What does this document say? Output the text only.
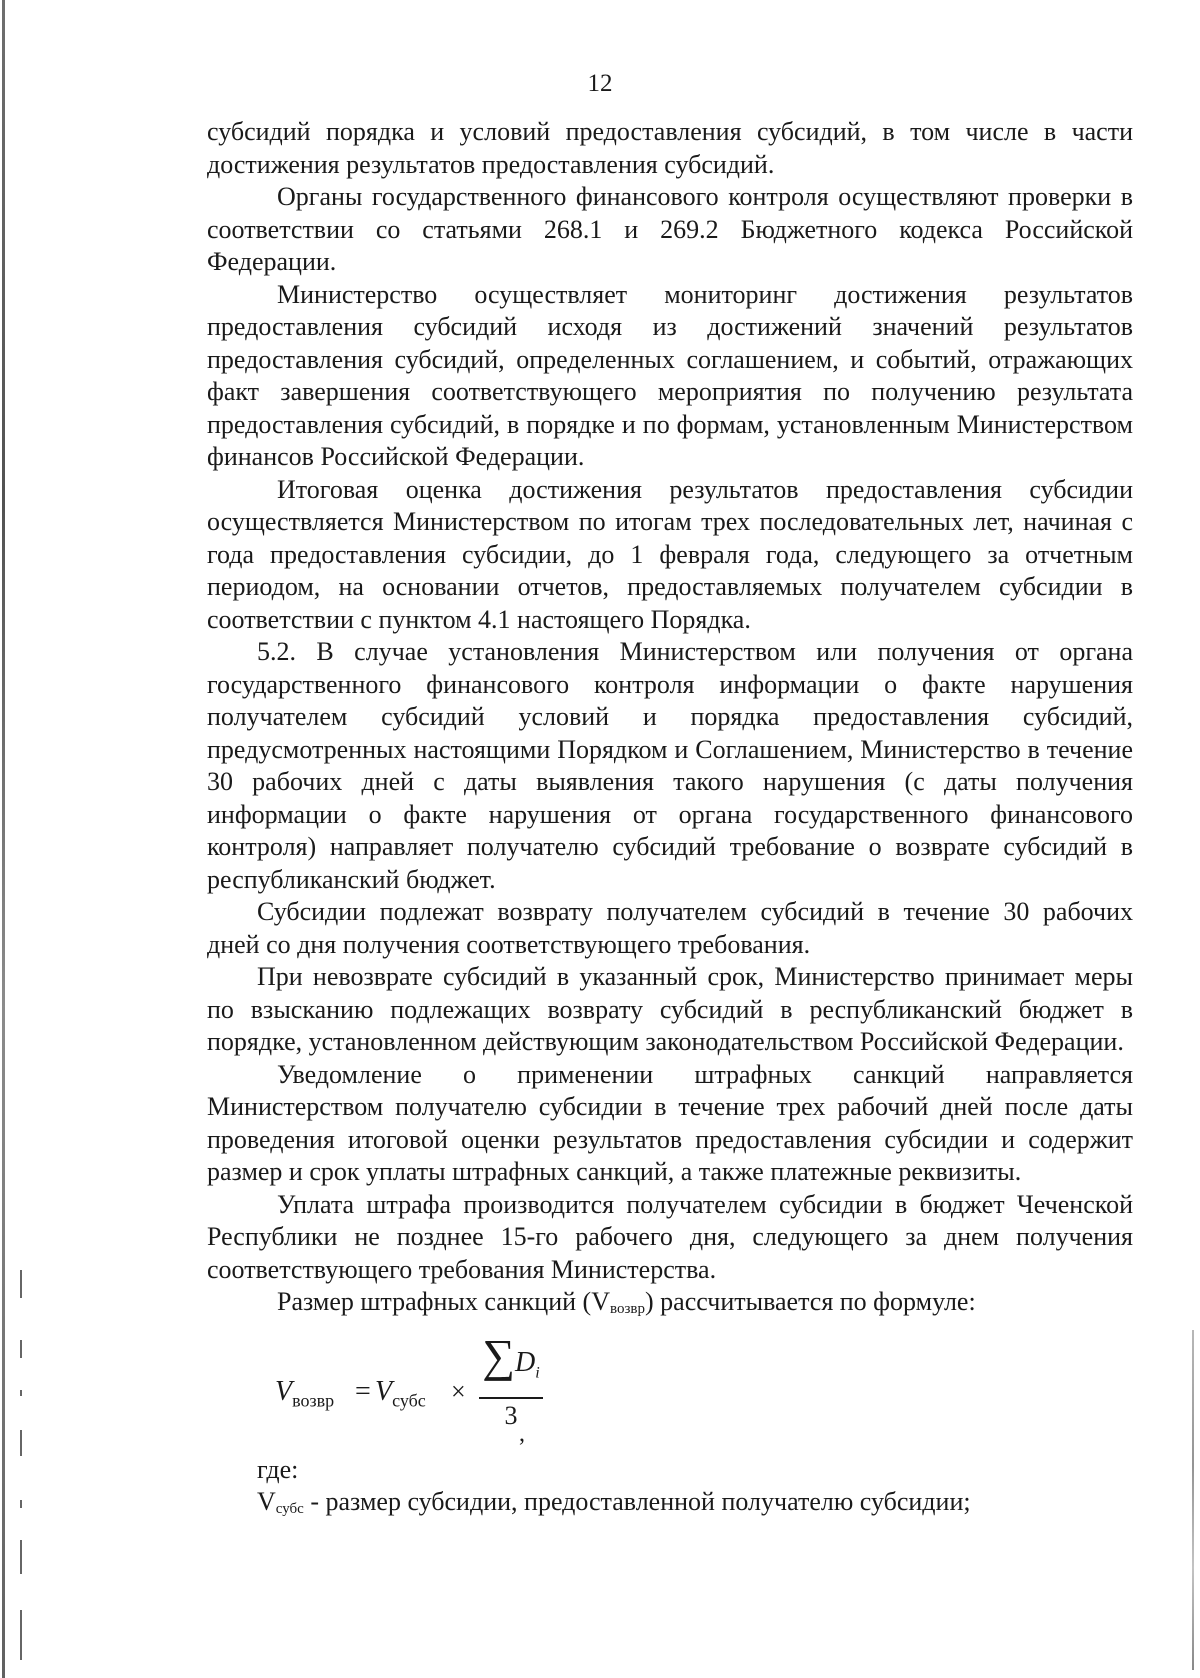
12

субсидий порядка и условий предоставления субсидий, в том числе в части достижения результатов предоставления субсидий.

Органы государственного финансового контроля осуществляют проверки в соответствии со статьями 268.1 и 269.2 Бюджетного кодекса Российской Федерации.

Министерство осуществляет мониторинг достижения результатов предоставления субсидий исходя из достижений значений результатов предоставления субсидий, определенных соглашением, и событий, отражающих факт завершения соответствующего мероприятия по получению результата предоставления субсидий, в порядке и по формам, установленным Министерством финансов Российской Федерации.

Итоговая оценка достижения результатов предоставления субсидии осуществляется Министерством по итогам трех последовательных лет, начиная с года предоставления субсидии, до 1 февраля года, следующего за отчетным периодом, на основании отчетов, предоставляемых получателем субсидии в соответствии с пунктом 4.1 настоящего Порядка.

5.2. В случае установления Министерством или получения от органа государственного финансового контроля информации о факте нарушения получателем субсидий условий и порядка предоставления субсидий, предусмотренных настоящими Порядком и Соглашением, Министерство в течение 30 рабочих дней с даты выявления такого нарушения (с даты получения информации о факте нарушения от органа государственного финансового контроля) направляет получателю субсидий требование о возврате субсидий в республиканский бюджет.

Субсидии подлежат возврату получателем субсидий в течение 30 рабочих дней со дня получения соответствующего требования.

При невозврате субсидий в указанный срок, Министерство принимает меры по взысканию подлежащих возврату субсидий в республиканский бюджет в порядке, установленном действующим законодательством Российской Федерации.

Уведомление о применении штрафных санкций направляется Министерством получателю субсидии в течение трех рабочий дней после даты проведения итоговой оценки результатов предоставления субсидии и содержит размер и срок уплаты штрафных санкций, а также платежные реквизиты.

Уплата штрафа производится получателем субсидии в бюджет Чеченской Республики не позднее 15-го рабочего дня, следующего за днем получения соответствующего требования Министерства.

Размер штрафных санкций $(V_{возвр})$ рассчитывается по формуле:

$V_{возвр} = V_{субс}$ ×
$\sum D_i$
3
,

где:

$V_{субс}$ - размер субсидии, предоставленной получателю субсидии;
